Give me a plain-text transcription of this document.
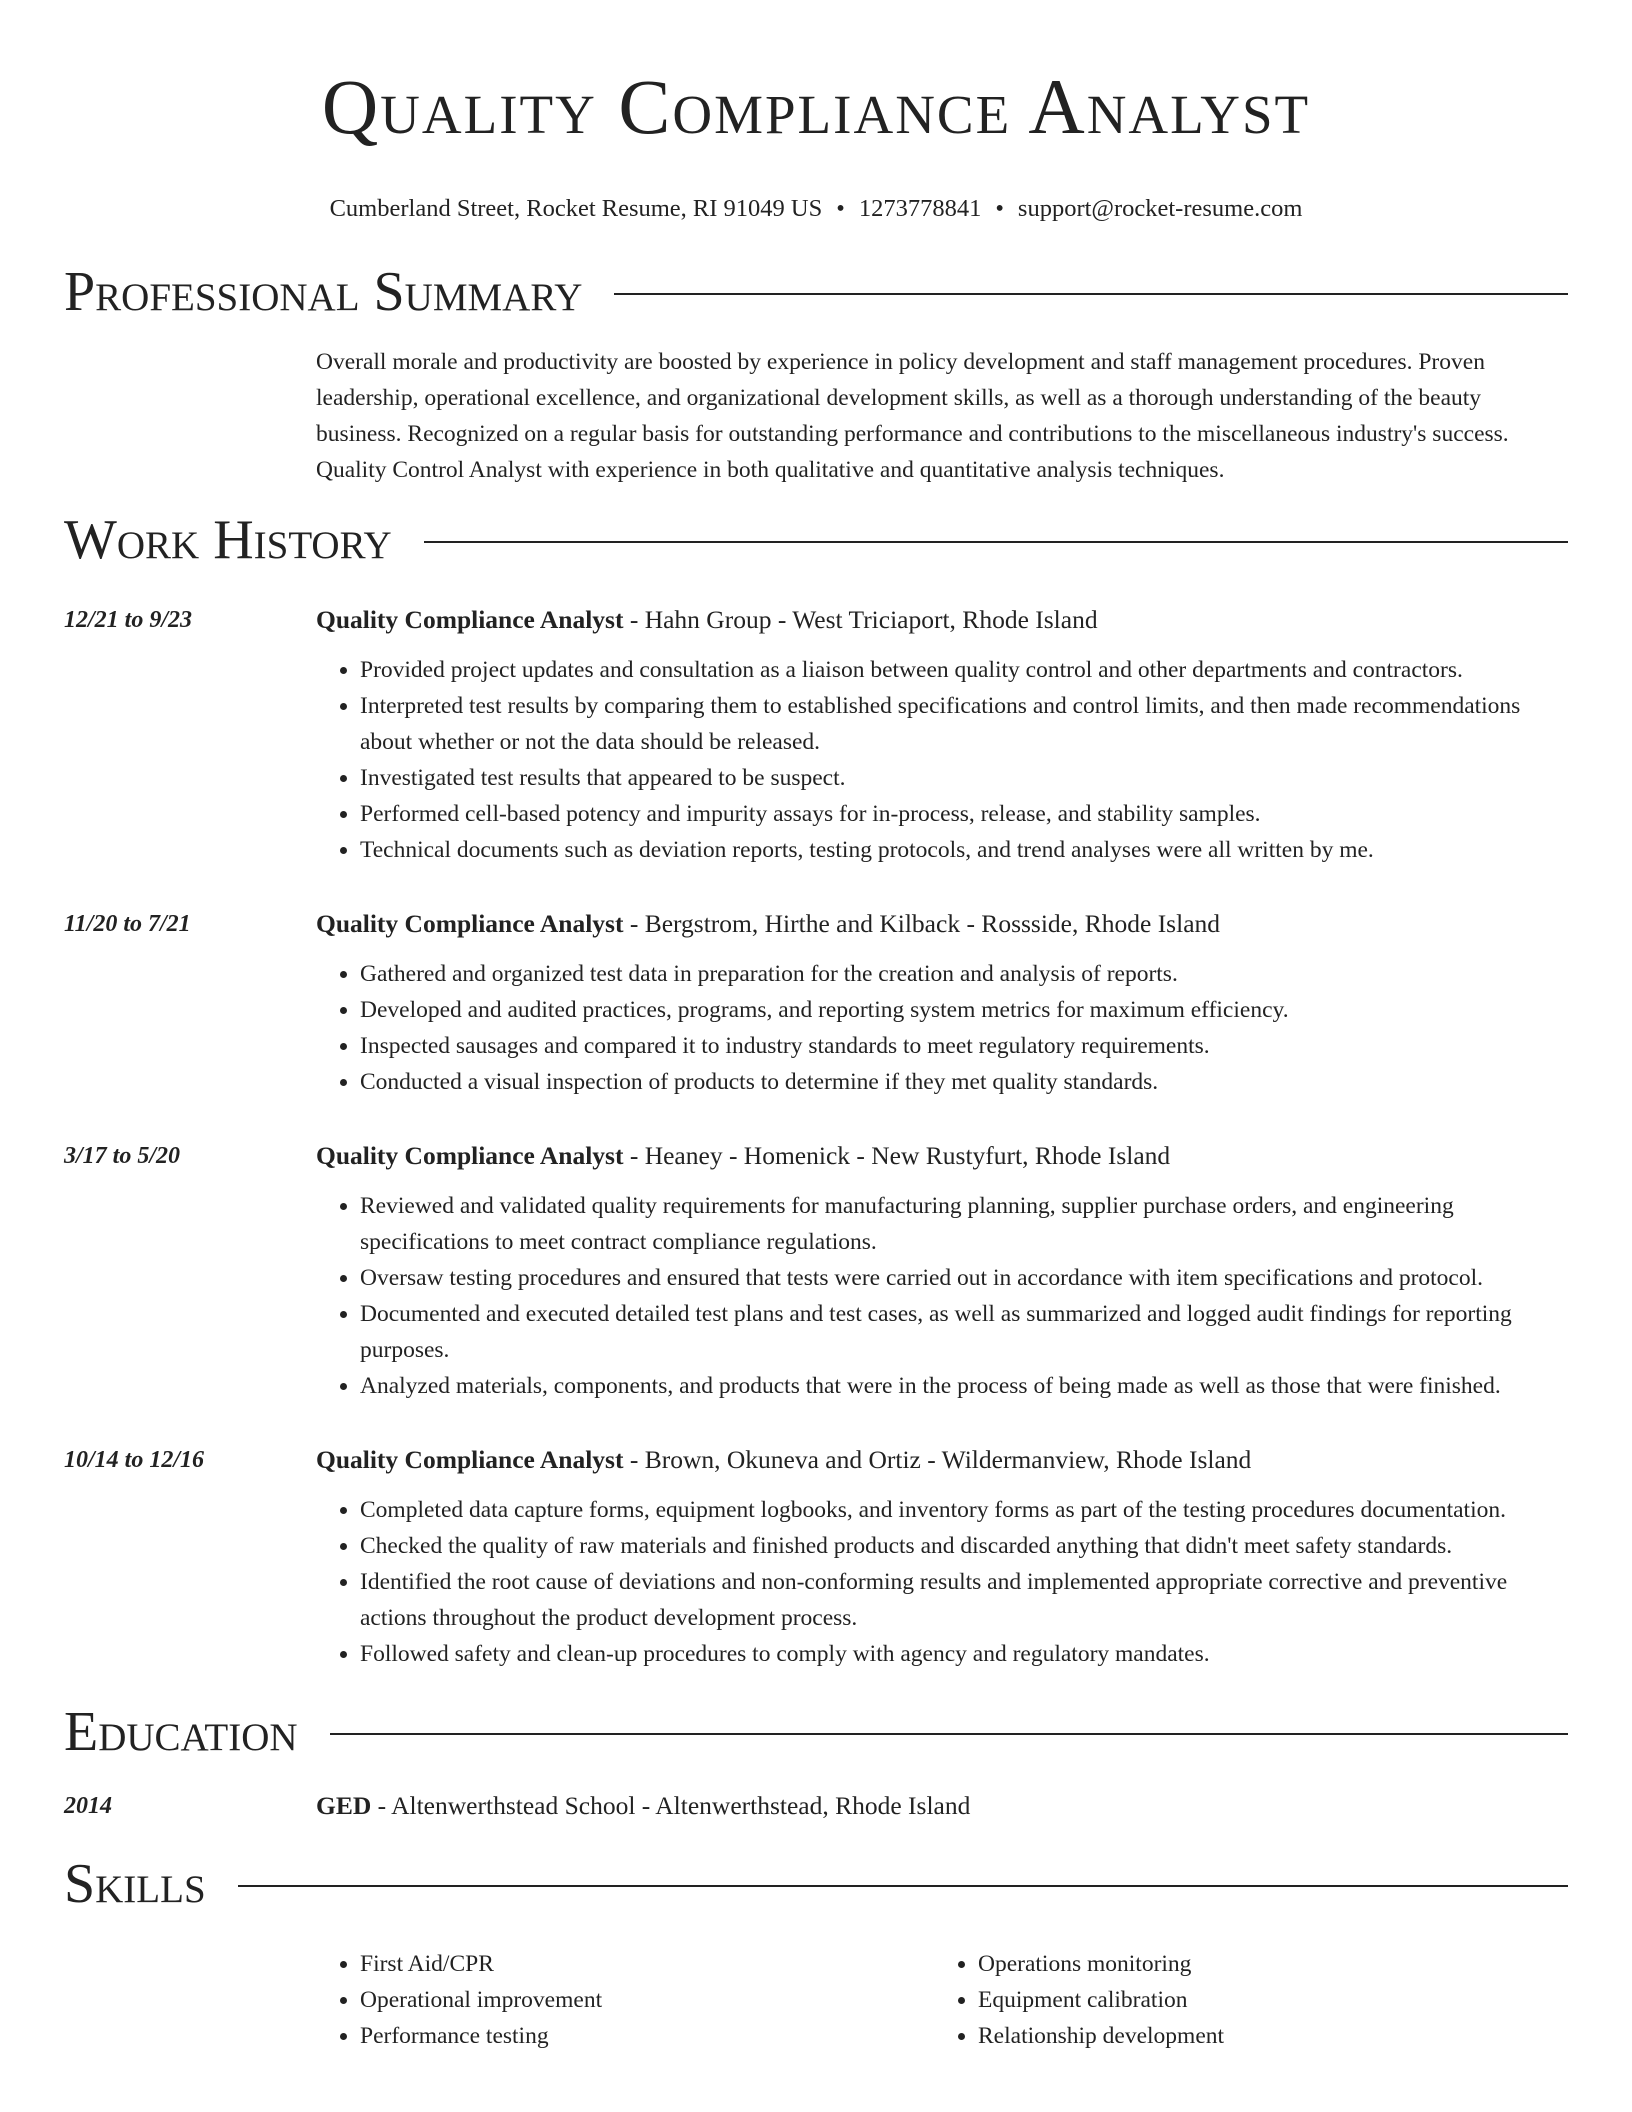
Quality Compliance Analyst
Cumberland Street, Rocket Resume, RI 91049 US • 1273778841 • support@rocket-resume.com
Professional Summary
Overall morale and productivity are boosted by experience in policy development and staff management procedures. Proven leadership, operational excellence, and organizational development skills, as well as a thorough understanding of the beauty business. Recognized on a regular basis for outstanding performance and contributions to the miscellaneous industry's success. Quality Control Analyst with experience in both qualitative and quantitative analysis techniques.
Work History
12/21 to 9/23	Quality Compliance Analyst - Hahn Group - West Triciaport, Rhode Island
• Provided project updates and consultation as a liaison between quality control and other departments and contractors.
• Interpreted test results by comparing them to established specifications and control limits, and then made recommendations about whether or not the data should be released.
• Investigated test results that appeared to be suspect.
• Performed cell-based potency and impurity assays for in-process, release, and stability samples.
• Technical documents such as deviation reports, testing protocols, and trend analyses were all written by me.
11/20 to 7/21	Quality Compliance Analyst - Bergstrom, Hirthe and Kilback - Rossside, Rhode Island
• Gathered and organized test data in preparation for the creation and analysis of reports.
• Developed and audited practices, programs, and reporting system metrics for maximum efficiency.
• Inspected sausages and compared it to industry standards to meet regulatory requirements.
• Conducted a visual inspection of products to determine if they met quality standards.
3/17 to 5/20	Quality Compliance Analyst - Heaney - Homenick - New Rustyfurt, Rhode Island
• Reviewed and validated quality requirements for manufacturing planning, supplier purchase orders, and engineering specifications to meet contract compliance regulations.
• Oversaw testing procedures and ensured that tests were carried out in accordance with item specifications and protocol.
• Documented and executed detailed test plans and test cases, as well as summarized and logged audit findings for reporting purposes.
• Analyzed materials, components, and products that were in the process of being made as well as those that were finished.
10/14 to 12/16	Quality Compliance Analyst - Brown, Okuneva and Ortiz - Wildermanview, Rhode Island
• Completed data capture forms, equipment logbooks, and inventory forms as part of the testing procedures documentation.
• Checked the quality of raw materials and finished products and discarded anything that didn't meet safety standards.
• Identified the root cause of deviations and non-conforming results and implemented appropriate corrective and preventive actions throughout the product development process.
• Followed safety and clean-up procedures to comply with agency and regulatory mandates.
Education
2014	GED - Altenwerthstead School - Altenwerthstead, Rhode Island
Skills
• First Aid/CPR
• Operational improvement
• Performance testing
• Operations monitoring
• Equipment calibration
• Relationship development
